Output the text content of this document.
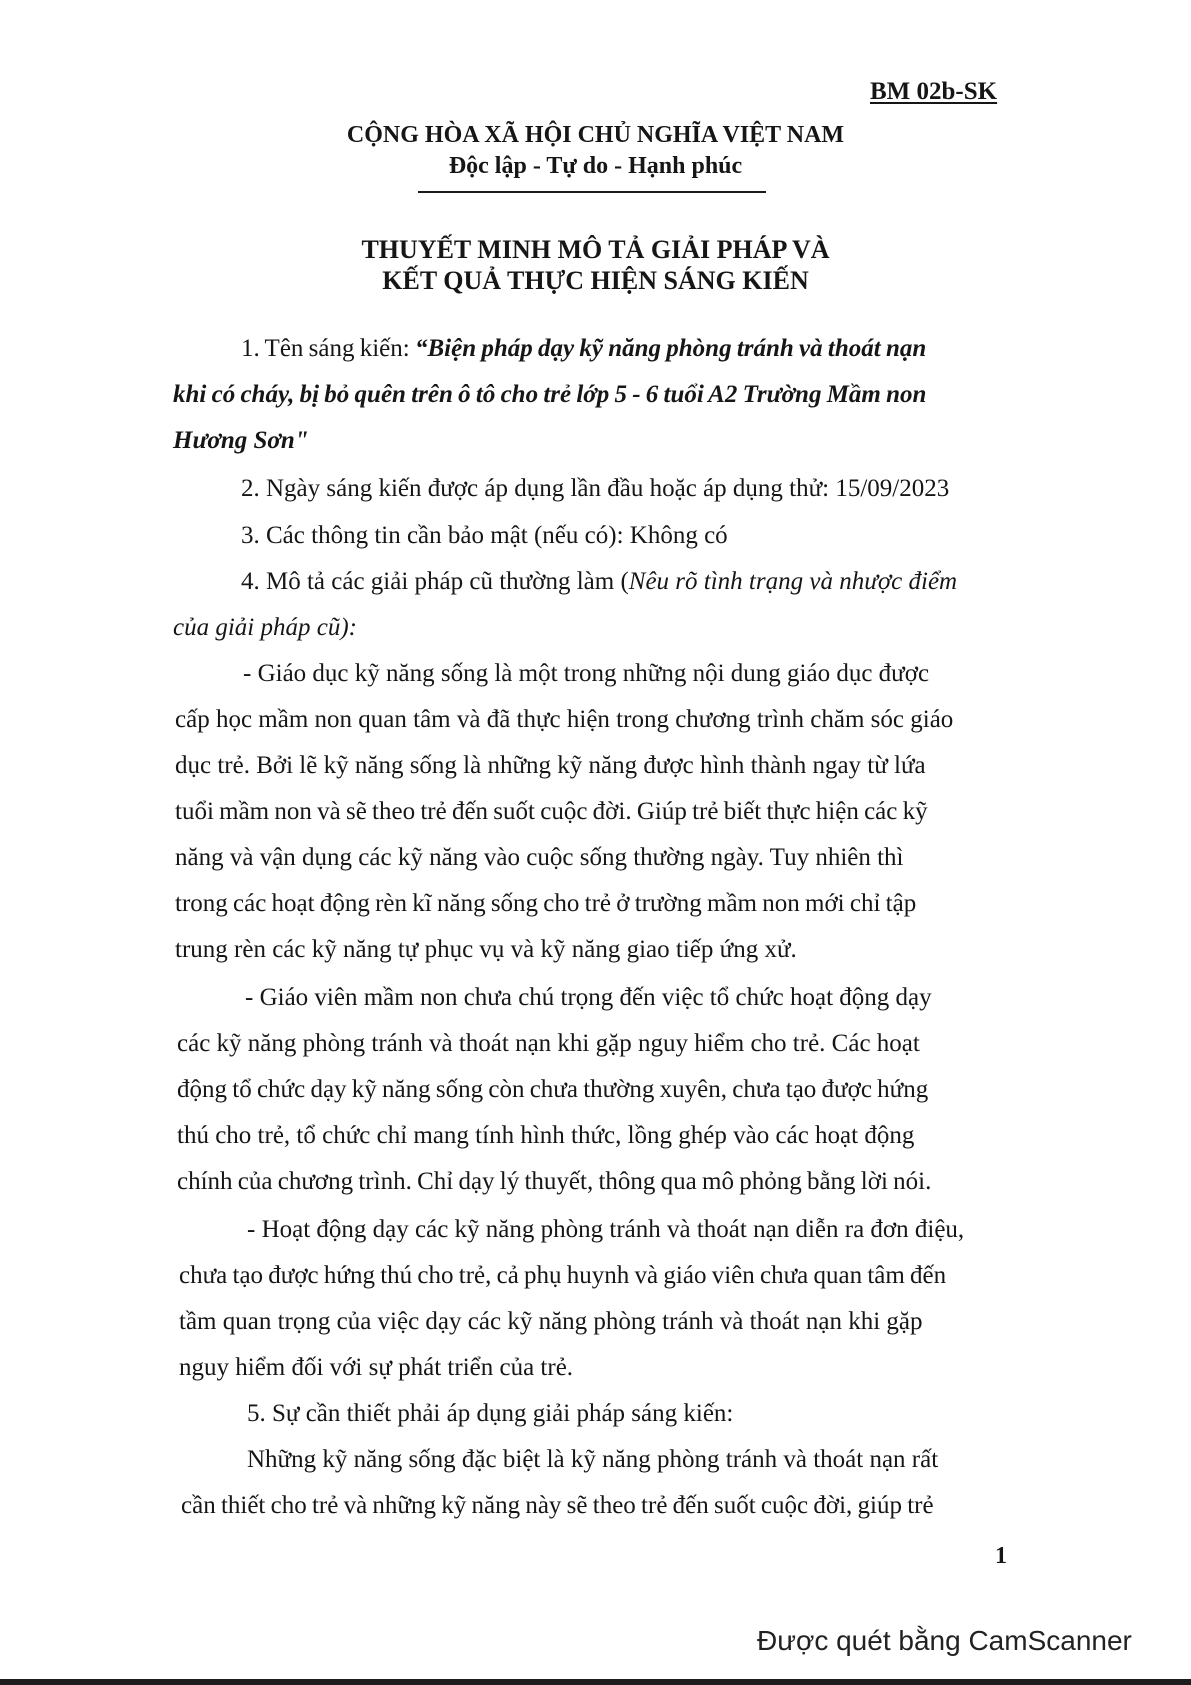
BM 02b-SK
CỘNG HÒA XÃ HỘI CHỦ NGHĨA VIỆT NAM
Độc lập - Tự do - Hạnh phúc
THUYẾT MINH MÔ TẢ GIẢI PHÁP VÀ
KẾT QUẢ THỰC HIỆN SÁNG KIẾN
1. Tên sáng kiến: “Biện pháp dạy kỹ năng phòng tránh và thoát nạn
khi có cháy, bị bỏ quên trên ô tô cho trẻ lớp 5 - 6 tuổi A2 Trường Mầm non
Hương Sơn"
2. Ngày sáng kiến được áp dụng lần đầu hoặc áp dụng thử: 15/09/2023
3. Các thông tin cần bảo mật (nếu có): Không có
4. Mô tả các giải pháp cũ thường làm (Nêu rõ tình trạng và nhược điểm
của giải pháp cũ):
- Giáo dục kỹ năng sống là một trong những nội dung giáo dục được
cấp học mầm non quan tâm và đã thực hiện trong chương trình chăm sóc giáo
dục trẻ. Bởi lẽ kỹ năng sống là những kỹ năng được hình thành ngay từ lứa
tuổi mầm non và sẽ theo trẻ đến suốt cuộc đời. Giúp trẻ biết thực hiện các kỹ
năng và vận dụng các kỹ năng vào cuộc sống thường ngày. Tuy nhiên thì
trong các hoạt động rèn kĩ năng sống cho trẻ ở trường mầm non mới chỉ tập
trung rèn các kỹ năng tự phục vụ và kỹ năng giao tiếp ứng xử.
- Giáo viên mầm non chưa chú trọng đến việc tổ chức hoạt động dạy
các kỹ năng phòng tránh và thoát nạn khi gặp nguy hiểm cho trẻ. Các hoạt
động tổ chức dạy kỹ năng sống còn chưa thường xuyên, chưa tạo được hứng
thú cho trẻ, tổ chức chỉ mang tính hình thức, lồng ghép vào các hoạt động
chính của chương trình. Chỉ dạy lý thuyết, thông qua mô phỏng bằng lời nói.
- Hoạt động dạy các kỹ năng phòng tránh và thoát nạn diễn ra đơn điệu,
chưa tạo được hứng thú cho trẻ, cả phụ huynh và giáo viên chưa quan tâm đến
tầm quan trọng của việc dạy các kỹ năng phòng tránh và thoát nạn khi gặp
nguy hiểm đối với sự phát triển của trẻ.
5. Sự cần thiết phải áp dụng giải pháp sáng kiến:
Những kỹ năng sống đặc biệt là kỹ năng phòng tránh và thoát nạn rất
cần thiết cho trẻ và những kỹ năng này sẽ theo trẻ đến suốt cuộc đời, giúp trẻ
1
Được quét bằng CamScanner
